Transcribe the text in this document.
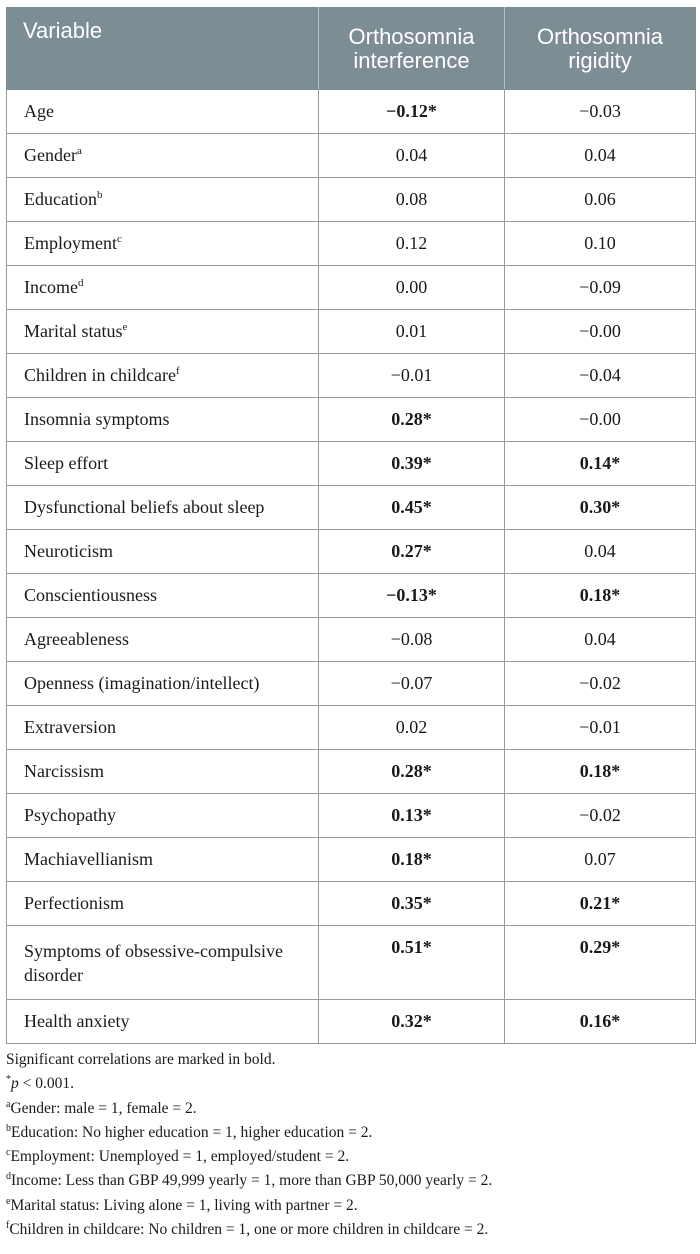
Variable	Orthosomnia interference	Orthosomnia rigidity
Age	−0.12*	−0.03
Gender$^a$	0.04	0.04
Education$^b$	0.08	0.06
Employment$^c$	0.12	0.10
Income$^d$	0.00	−0.09
Marital status$^e$	0.01	−0.00
Children in childcare$^f$	−0.01	−0.04
Insomnia symptoms	0.28*	−0.00
Sleep effort	0.39*	0.14*
Dysfunctional beliefs about sleep	0.45*	0.30*
Neuroticism	0.27*	0.04
Conscientiousness	−0.13*	0.18*
Agreeableness	−0.08	0.04
Openness (imagination/intellect)	−0.07	−0.02
Extraversion	0.02	−0.01
Narcissism	0.28*	0.18*
Psychopathy	0.13*	−0.02
Machiavellianism	0.18*	0.07
Perfectionism	0.35*	0.21*
Symptoms of obsessive-compulsive disorder	0.51*	0.29*
Health anxiety	0.32*	0.16*

Significant correlations are marked in bold.

*p < 0.001.

$^a$Gender: male = 1, female = 2.

$^b$Education: No higher education = 1, higher education = 2.

$^c$Employment: Unemployed = 1, employed/student = 2.

$^d$Income: Less than GBP 49,999 yearly = 1, more than GBP 50,000 yearly = 2.

$^e$Marital status: Living alone = 1, living with partner = 2.

$^f$Children in childcare: No children = 1, one or more children in childcare = 2.
